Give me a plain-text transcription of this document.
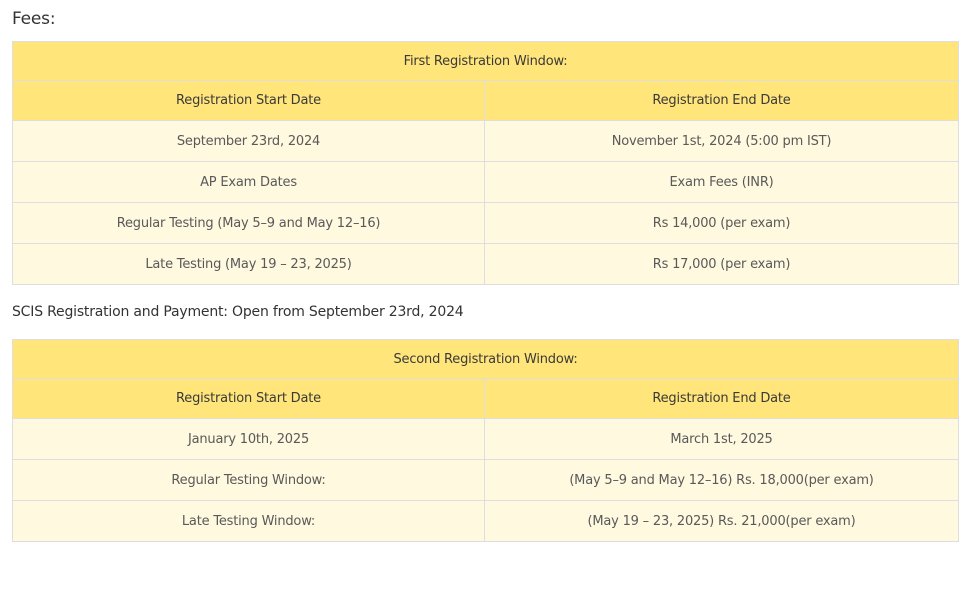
Fees:
First Registration Window:	
Registration Start Date	Registration End Date
September 23rd, 2024	November 1st, 2024 (5:00 pm IST)
AP Exam Dates	Exam Fees (INR)
Regular Testing (May 5–9 and May 12–16)	Rs 14,000 (per exam)
Late Testing (May 19 – 23, 2025)	Rs 17,000 (per exam)

SCIS Registration and Payment: Open from September 23rd, 2024

Second Registration Window:	
Registration Start Date	Registration End Date
January 10th, 2025	March 1st, 2025
Regular Testing Window:	(May 5–9 and May 12–16) Rs. 18,000(per exam)
Late Testing Window:	(May 19 – 23, 2025) Rs. 21,000(per exam)
